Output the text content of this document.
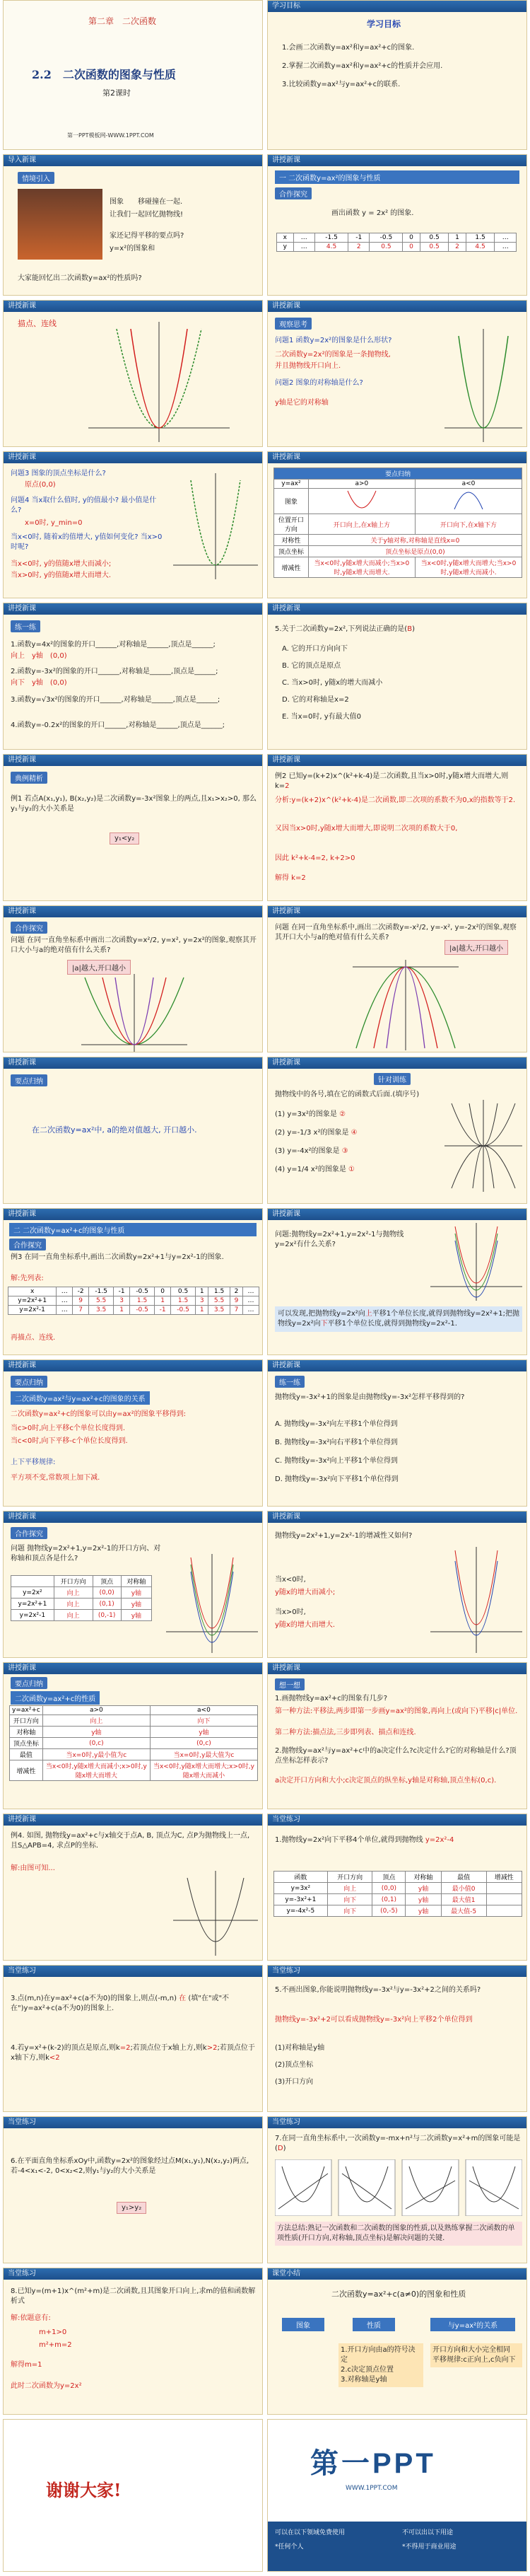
第二章　二次函数
2.2　二次函数的图象与性质
第2课时
第一PPT模板网-WWW.1PPT.COM
学习目标
学习目标
1.会画二次函数y=ax²和y=ax²+c的图象.
2.掌握二次函数y=ax²和y=ax²+c的性质并会应用.
3.比较函数y=ax²与y=ax²+c的联系.
导入新课
情境引入
图象 移碰撞在一起.
让我们一起回忆抛物线!
家还记得平移的要点吗?
y=x²的图象和
大家能回忆出二次函数y=ax²的性质吗?
讲授新课
一 二次函数y=ax²的图象与性质
合作探究
画出函数 y = 2x² 的图象.
x	…	-1.5	-1	-0.5	0	0.5	1	1.5	…
y	…	4.5	2	0.5	0	0.5	2	4.5	…
讲授新课
描点、连线
讲授新课
观察思考
问题1 函数y=2x²的图象是什么形状?
二次函数y=2x²的图象是一条抛物线,
并且抛物线开口向上.
问题2 图象的对称轴是什么?
y轴是它的对称轴
讲授新课
问题3 图象的顶点坐标是什么?
原点(0,0)
问题4 当x取什么值时, y的值最小? 最小值是什么?
x=0时, y_min=0
当x<0时, 随着x的值增大, y值如何变化? 当x>0时呢?
当x<0时, y的值随x增大而减小;
当x>0时, y的值随x增大而增大.
讲授新课
要点归纳		
y=ax²	a>0	a<0
图象		
位置开口方向	开口向上,在x轴上方	开口向下,在x轴下方
对称性	关于y轴对称,对称轴是直线x=0	
顶点坐标	顶点坐标是原点(0,0)	
增减性	当x<0时,y随x增大而减小;当x>0时,y随x增大而增大.	当x<0时,y随x增大而增大;当x>0时,y随x增大而减小.
讲授新课
练一练
1.函数y=4x²的图象的开口______,对称轴是______,顶点是______;
向上　 y轴　 (0,0)
2.函数y=-3x²的图象的开口______,对称轴是______,顶点是______;
向下　 y轴　 (0,0)
3.函数y=√3x²的图象的开口______,对称轴是______,顶点是______;
4.函数y=-0.2x²的图象的开口______,对称轴是______,顶点是______;
讲授新课
5.关于二次函数y=2x²,下列说法正确的是(B)
A. 它的开口方向向下
B. 它的顶点是原点
C. 当x>0时, y随x的增大而减小
D. 它的对称轴是x=2
E. 当x=0时, y有最大值0
讲授新课
典例精析
例1 若点A(x₁,y₁), B(x₂,y₂)是二次函数y=-3x²图象上的两点,且x₁>x₂>0, 那么y₁与y₂的大小关系是
y₁<y₂
讲授新课
例2 已知y=(k+2)x^(k²+k-4)是二次函数,且当x>0时,y随x增大而增大,则k=2
分析:y=(k+2)x^(k²+k-4)是二次函数,即二次项的系数不为0,x的指数等于2.
又因当x>0时,y随x增大而增大,即说明二次项的系数大于0,
因此 k²+k-4=2, k+2>0
解得 k=2
讲授新课
合作探究
问题 在同一直角坐标系中画出二次函数y=x²/2, y=x², y=2x²的图象,观察其开口大小与a的绝对值有什么关系?
|a|越大,开口越小
讲授新课
问题 在同一直角坐标系中,画出二次函数y=-x²/2, y=-x², y=-2x²的图象,观察其开口大小与a的绝对值有什么关系?
|a|越大,开口越小
讲授新课
要点归纳
在二次函数y=ax²中, a的绝对值越大, 开口越小.
讲授新课
针对训练
抛物线中的各号,填在它的函数式后面.(填序号)
(1) y=3x²的图象是 ②
(2) y=-1/3 x²的图象是 ④
(3) y=-4x²的图象是 ③
(4) y=1/4 x²的图象是 ①
讲授新课
二 二次函数y=ax²+c的图象与性质
合作探究
例3 在同一直角坐标系中,画出二次函数y=2x²+1与y=2x²-1的图象.
解:先列表:
x	…	-2	-1.5	-1	-0.5	0	0.5	1	1.5	2	…
y=2x²+1	…	9	5.5	3	1.5	1	1.5	3	5.5	9	…
y=2x²-1	…	7	3.5	1	-0.5	-1	-0.5	1	3.5	7	…
再描点、连线.
讲授新课
问题:抛物线y=2x²+1,y=2x²-1与抛物线y=2x²有什么关系?
可以发现,把抛物线y=2x²向上平移1个单位长度,就得到抛物线y=2x²+1;把抛物线y=2x²向下平移1个单位长度,就得到抛物线y=2x²-1.
讲授新课
要点归纳
二次函数y=ax²与y=ax²+c的图象的关系
二次函数y=ax²+c的图象可以由y=ax²的图象平移得到:
当c>0时,向上平移c个单位长度得到.
当c<0时,向下平移-c个单位长度得到.
上下平移规律:
平方项不变,常数项上加下减.
讲授新课
练一练
抛物线y=-3x²+1的图象是由抛物线y=-3x²怎样平移得到的?
A. 抛物线y=-3x²向左平移1个单位得到
B. 抛物线y=-3x²向右平移1个单位得到
C. 抛物线y=-3x²向上平移1个单位得到
D. 抛物线y=-3x²向下平移1个单位得到
讲授新课
合作探究
问题 抛物线y=2x²+1,y=2x²-1的开口方向、对称轴和顶点各是什么?
	开口方向	顶点	对称轴
y=2x²	向上	(0,0)	y轴
y=2x²+1	向上	(0,1)	y轴
y=2x²-1	向上	(0,-1)	y轴
讲授新课
抛物线y=2x²+1,y=2x²-1的增减性又如何?
当x<0时,
y随x的增大而减小;
当x>0时,
y随x的增大而增大.
讲授新课
要点归纳
二次函数y=ax²+c的性质
y=ax²+c	a>0	a<0
开口方向	向上	向下
对称轴	y轴	y轴
顶点坐标	(0,c)	(0,c)
最值	当x=0时,y最小值为c	当x=0时,y最大值为c
增减性	当x<0时,y随x增大而减小;x>0时,y随x增大而增大	当x<0时,y随x增大而增大;x>0时,y随x增大而减小
讲授新课
想一想
1.画抛物线y=ax²+c的图象有几步?
第一种方法:平移法,两步即第一步画y=ax²的图象,再向上(或向下)平移|c|单位.
第二种方法:描点法,三步即列表、描点和连线.
2.抛物线y=ax²与y=ax²+c中的a决定什么?c决定什么?它的对称轴是什么?顶点坐标怎样表示?
a决定开口方向和大小;c决定顶点的纵坐标,y轴是对称轴,顶点坐标(0,c).
讲授新课
例4. 如图, 抛物线y=ax²+c与x轴交于点A, B, 顶点为C, 点P为抛物线上一点, 且S△APB=4, 求点P的坐标.
解:由图可知...
当堂练习
1.抛物线y=2x²向下平移4个单位,就得到抛物线 y=2x²-4
函数	开口方向	顶点	对称轴	最值	增减性
y=3x²	向上	(0,0)	y轴	最小值0	
y=-3x²+1	向下	(0,1)	y轴	最大值1	
y=-4x²-5	向下	(0,-5)	y轴	最大值-5	
当堂练习
3.点(m,n)在y=ax²+c(a不为0)的图象上,则点(-m,n) 在 (填"在"或"不在")y=ax²+c(a不为0)的图象上.
4.若y=x²+(k-2)的顶点是原点,则k=2;若顶点位于x轴上方,则k>2;若顶点位于x轴下方,则k<2
当堂练习
5.不画出图象,你能说明抛物线y=-3x²与y=-3x²+2之间的关系吗?
抛物线y=-3x²+2可以看成抛物线y=-3x²向上平移2个单位得到
(1)对称轴是y轴
(2)顶点坐标
(3)开口方向
当堂练习
6.在平面直角坐标系xOy中,函数y=2x²的图象经过点M(x₁,y₁),N(x₂,y₂)两点,若-4<x₁<-2, 0<x₂<2,则y₁与y₂的大小关系是
y₁>y₂
当堂练习
7.在同一直角坐标系中,一次函数y=-mx+n²与二次函数y=x²+m的图象可能是(D)
方法总结:熟记一次函数和二次函数的图象的性质,以及熟练掌握二次函数的单项性质(开口方向,对称轴,顶点坐标)是解决问题的关键.
当堂练习
8.已知y=(m+1)x^(m²+m)是二次函数,且其图象开口向上,求m的值和函数解析式
解:依题意有:
m+1>0
m²+m=2
解得m=1
此时二次函数为y=2x²
课堂小结
二次函数y=ax²+c(a≠0)的图象和性质
图象	性质	与y=ax²的关系
1.开口方向由a的符号决定
2.c决定顶点位置
3.对称轴是y轴
开口方向和大小完全相同
平移规律:c正向上,c负向下
谢谢大家!
第一PPT
WWW.1PPT.COM
可以在以下领域免费使用	不可以出以下用途
*任何个人	*不得用于商业用途
